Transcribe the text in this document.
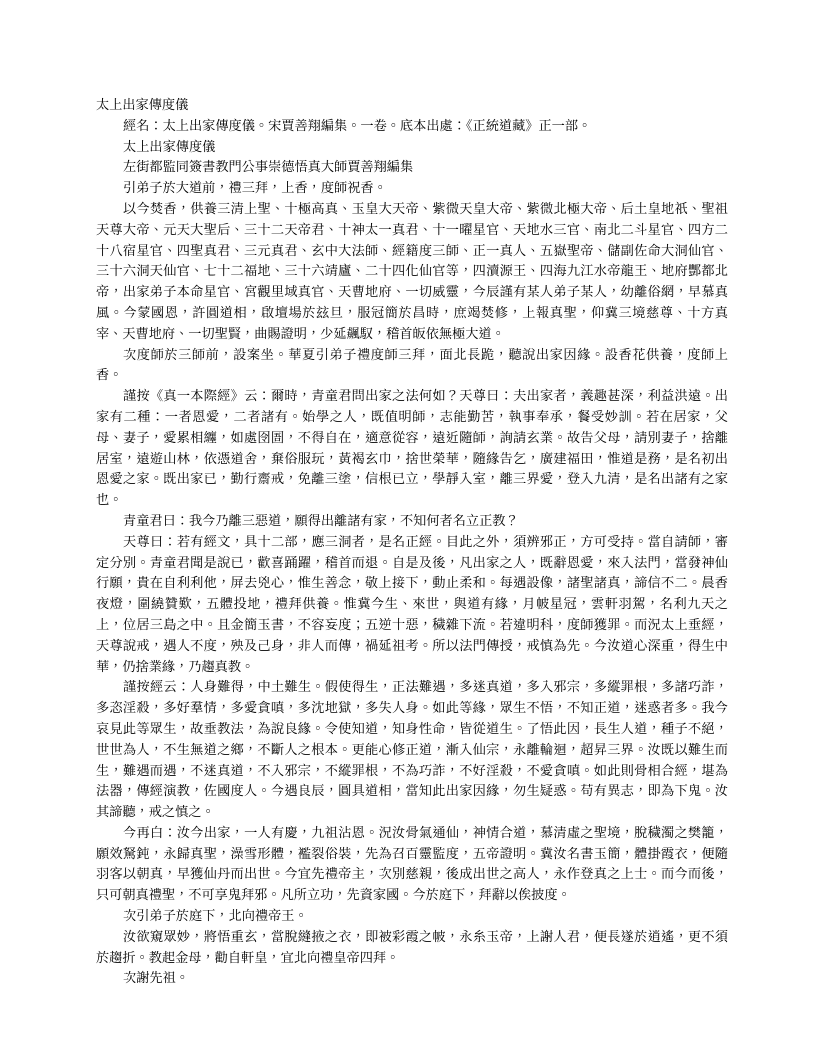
太上出家傳度儀

經名：太上出家傳度儀。宋賈善翔編集。一卷。底本出處：《正統道藏》正一部。

太上出家傳度儀

左街都監同簽書教門公事崇德悟真大師賈善翔編集

引弟子於大道前，禮三拜，上香，度師祝香。

以今焚香，供養三清上聖、十極高真、玉皇大天帝、紫微天皇大帝、紫微北極大帝、后土皇地祇、聖祖天尊大帝、元天大聖后、三十二天帝君、十神太一真君、十一曜星官、天地水三官、南北二斗星官、四方二十八宿星官、四聖真君、三元真君、玄中大法師、經籍度三師、正一真人、五嶽聖帝、儲副佐命大洞仙官、三十六洞天仙官、七十二福地、三十六靖廬、二十四化仙官等，四瀆源王、四海九江水帝龍王、地府酆都北帝，出家弟子本命星官、宮觀里域真官、天曹地府、一切威靈，今辰謹有某人弟子某人，幼離俗網，早慕真風。今蒙國恩，許圓道相，啟壇場於玆旦，服冠簡於昌時，庶竭焚修，上報真聖，仰冀三境慈尊、十方真宰、天曹地府、一切聖賢，曲賜證明，少延飆馭，稽首皈依無極大道。

次度師於三師前，設案坐。華夏引弟子禮度師三拜，面北長跪，聽說出家因緣。設香花供養，度師上香。

謹按《真一本際經》云：爾時，青童君問出家之法何如？天尊曰：夫出家者，義趣甚深，利益洪遠。出家有二種：一者恩愛，二者諸有。始學之人，既值明師，志能勤苦，執事奉承，餐受妙訓。若在居家，父母、妻子，愛累相纏，如處囹圄，不得自在，適意從容，遠近隨師，詢請玄業。故告父母，請別妻子，捨離居室，遠遊山林，依憑道舍，棄俗服玩，黃褐玄巾，捨世榮華，隨緣告乞，廣建福田，惟道是務，是名初出恩愛之家。既出家已，勤行齋戒，免離三塗，信根已立，學靜入室，離三界愛，登入九清，是名出諸有之家也。

青童君曰：我今乃離三惡道，願得出離諸有家，不知何者名立正教？

天尊曰：若有經文，具十二部，應三洞者，是名正經。目此之外，須辨邪正，方可受持。當自請師，審定分別。青童君聞是說已，歡喜踊躍，稽首而退。自是及後，凡出家之人，既辭恩愛，來入法門，當發神仙行願，貴在自利利他，屏去兇心，惟生善念，敬上接下，動止柔和。每遇設像，諸聖諸真，諦信不二。晨香夜燈，圍繞贊歎，五體投地，禮拜供養。惟冀今生、來世，與道有緣，月帔星冠，雲軒羽駕，名利九天之上，位居三島之中。且金簡玉書，不容妄度；五逆十惡，穢雜下流。若違明科，度師獲罪。而況太上垂經，天尊說戒，遇人不度，殃及己身，非人而傳，禍延祖考。所以法門傳授，戒慎為先。今汝道心深重，得生中華，仍捨業緣，乃趨真教。

謹按經云：人身難得，中土難生。假使得生，正法難遇，多迷真道，多入邪宗，多縱罪根，多諸巧詐，多恣淫殺，多好羣情，多愛貪嗔，多沈地獄，多失人身。如此等緣，眾生不悟，不知正道，迷惑者多。我今哀見此等眾生，故垂教法，為說良緣。令使知道，知身性命，皆從道生。了悟此因，長生人道，種子不絕，世世為人，不生無道之鄉，不斷人之根本。更能心修正道，漸入仙宗，永離輪迴，超昇三界。汝既以難生而生，難遇而遇，不迷真道，不入邪宗，不縱罪根，不為巧詐，不好淫殺，不愛貪嗔。如此則骨相合經，堪為法器，傳經演教，佐國度人。今遇良辰，圓具道相，當知此出家因緣，勿生疑惑。苟有異志，即為下鬼。汝其諦聽，戒之慎之。

今再白：汝今出家，一人有慶，九祖沾恩。況汝骨氣通仙，神情合道，慕清虛之聖境，脫穢濁之樊籠，願效駑鈍，永歸真聖，澡雪形體，襤裂俗裝，先為召百靈監度，五帝證明。冀汝名書玉簡，體掛霞衣，便隨羽客以朝真，早獲仙丹而出世。今宜先禮帝主，次別慈親，後成出世之高人，永作登真之上士。而今而後，只可朝真禮聖，不可享鬼拜邪。凡所立功，先資家國。今於庭下，拜辭以俟披度。

次引弟子於庭下，北向禮帝王。

汝欲窺眾妙，將悟重玄，當脫縫掖之衣，即被彩霞之帔，永糸玉帝，上謝人君，便長遂於逍遙，更不須於趨折。教起金母，勸自軒皇，宜北向禮皇帝四拜。

次謝先祖。
